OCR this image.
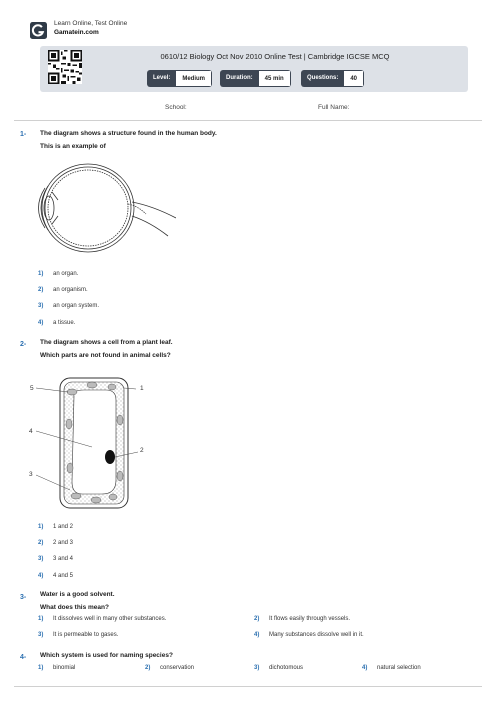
Learn Online, Test Online
Gamatein.com
0610/12 Biology Oct Nov 2010 Online Test | Cambridge IGCSE MCQ
Level:	Medium	Duration:	45 min	Questions:	40
School:	Full Name:
1- The diagram shows a structure found in the human body.
This is an example of
1) an organ.
2) an organism.
3) an organ system.
4) a tissue.
2- The diagram shows a cell from a plant leaf.
Which parts are not found in animal cells?
5	1
4
2
3
1) 1 and 2
2) 2 and 3
3) 3 and 4
4) 4 and 5
3- Water is a good solvent.
What does this mean?
1) It dissolves well in many other substances.	2) It flows easily through vessels.
3) It is permeable to gases.	4) Many substances dissolve well in it.
4- Which system is used for naming species?
1) binomial	2) conservation	3) dichotomous	4) natural selection
